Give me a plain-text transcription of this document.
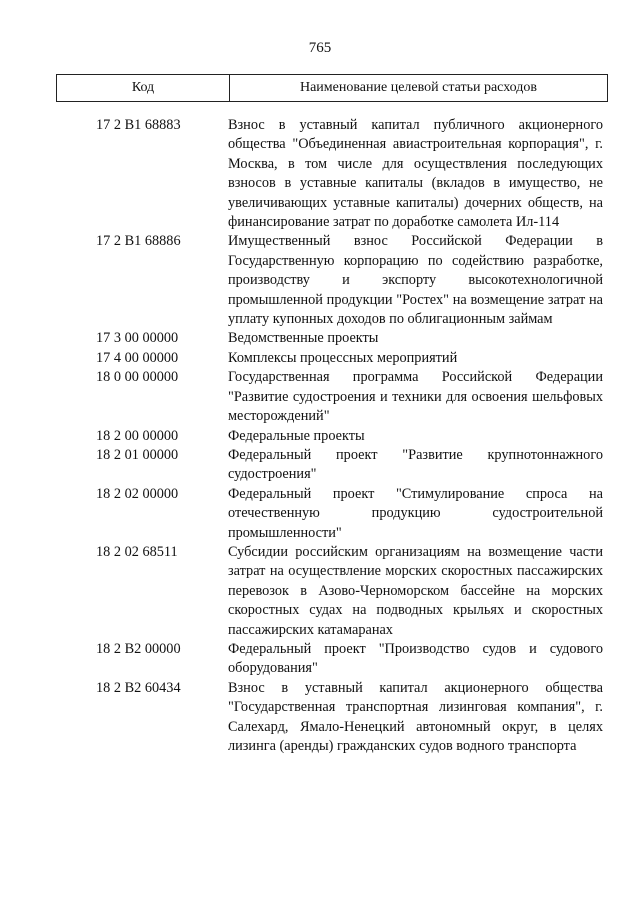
765
Код	Наименование целевой статьи расходов
17 2 B1 68883	Взнос в уставный капитал публичного акционерного общества "Объединенная авиастроительная корпорация", г. Москва, в том числе для осуществления последующих взносов в уставные капиталы (вкладов в имущество, не увеличивающих уставные капиталы) дочерних обществ, на финансирование затрат по доработке самолета Ил-114
17 2 B1 68886	Имущественный взнос Российской Федерации в Государственную корпорацию по содействию разработке, производству и экспорту высокотехнологичной промышленной продукции "Ростех" на возмещение затрат на уплату купонных доходов по облигационным займам
17 3 00 00000	Ведомственные проекты
17 4 00 00000	Комплексы процессных мероприятий
18 0 00 00000	Государственная программа Российской Федерации "Развитие судостроения и техники для освоения шельфовых месторождений"
18 2 00 00000	Федеральные проекты
18 2 01 00000	Федеральный проект "Развитие крупнотоннажного судостроения"
18 2 02 00000	Федеральный проект "Стимулирование спроса на отечественную продукцию судостроительной промышленности"
18 2 02 68511	Субсидии российским организациям на возмещение части затрат на осуществление морских скоростных пассажирских перевозок в Азово-Черноморском бассейне на морских скоростных судах на подводных крыльях и скоростных пассажирских катамаранах
18 2 B2 00000	Федеральный проект "Производство судов и судового оборудования"
18 2 B2 60434	Взнос в уставный капитал акционерного общества "Государственная транспортная лизинговая компания", г. Салехард, Ямало-Ненецкий автономный округ, в целях лизинга (аренды) гражданских судов водного транспорта
